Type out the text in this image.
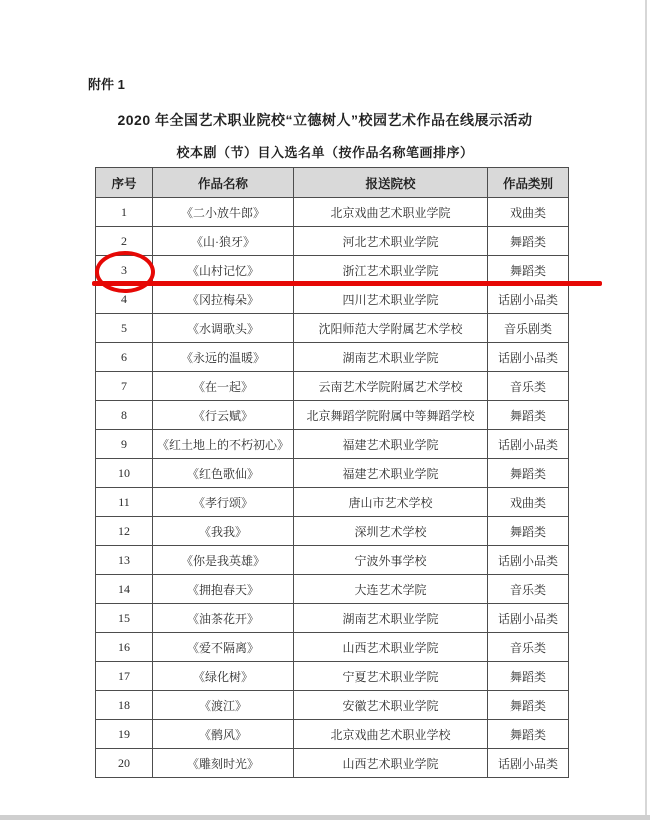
附件 1
2020 年全国艺术职业院校“立德树人”校园艺术作品在线展示活动
校本剧（节）目入选名单（按作品名称笔画排序）
序号	作品名称	报送院校	作品类别
1	《二小放牛郎》	北京戏曲艺术职业学院	戏曲类
2	《山·狼牙》	河北艺术职业学院	舞蹈类
3	《山村记忆》	浙江艺术职业学院	舞蹈类
4	《冈拉梅朵》	四川艺术职业学院	话剧小品类
5	《水调歌头》	沈阳师范大学附属艺术学校	音乐剧类
6	《永远的温暖》	湖南艺术职业学院	话剧小品类
7	《在一起》	云南艺术学院附属艺术学校	音乐类
8	《行云赋》	北京舞蹈学院附属中等舞蹈学校	舞蹈类
9	《红土地上的不朽初心》	福建艺术职业学院	话剧小品类
10	《红色歌仙》	福建艺术职业学院	舞蹈类
11	《孝行颂》	唐山市艺术学校	戏曲类
12	《我我》	深圳艺术学校	舞蹈类
13	《你是我英雄》	宁波外事学校	话剧小品类
14	《拥抱春天》	大连艺术学院	音乐类
15	《油茶花开》	湖南艺术职业学院	话剧小品类
16	《爱不隔离》	山西艺术职业学院	音乐类
17	《绿化树》	宁夏艺术职业学院	舞蹈类
18	《渡江》	安徽艺术职业学院	舞蹈类
19	《鹘风》	北京戏曲艺术职业学校	舞蹈类
20	《雕刻时光》	山西艺术职业学院	话剧小品类
